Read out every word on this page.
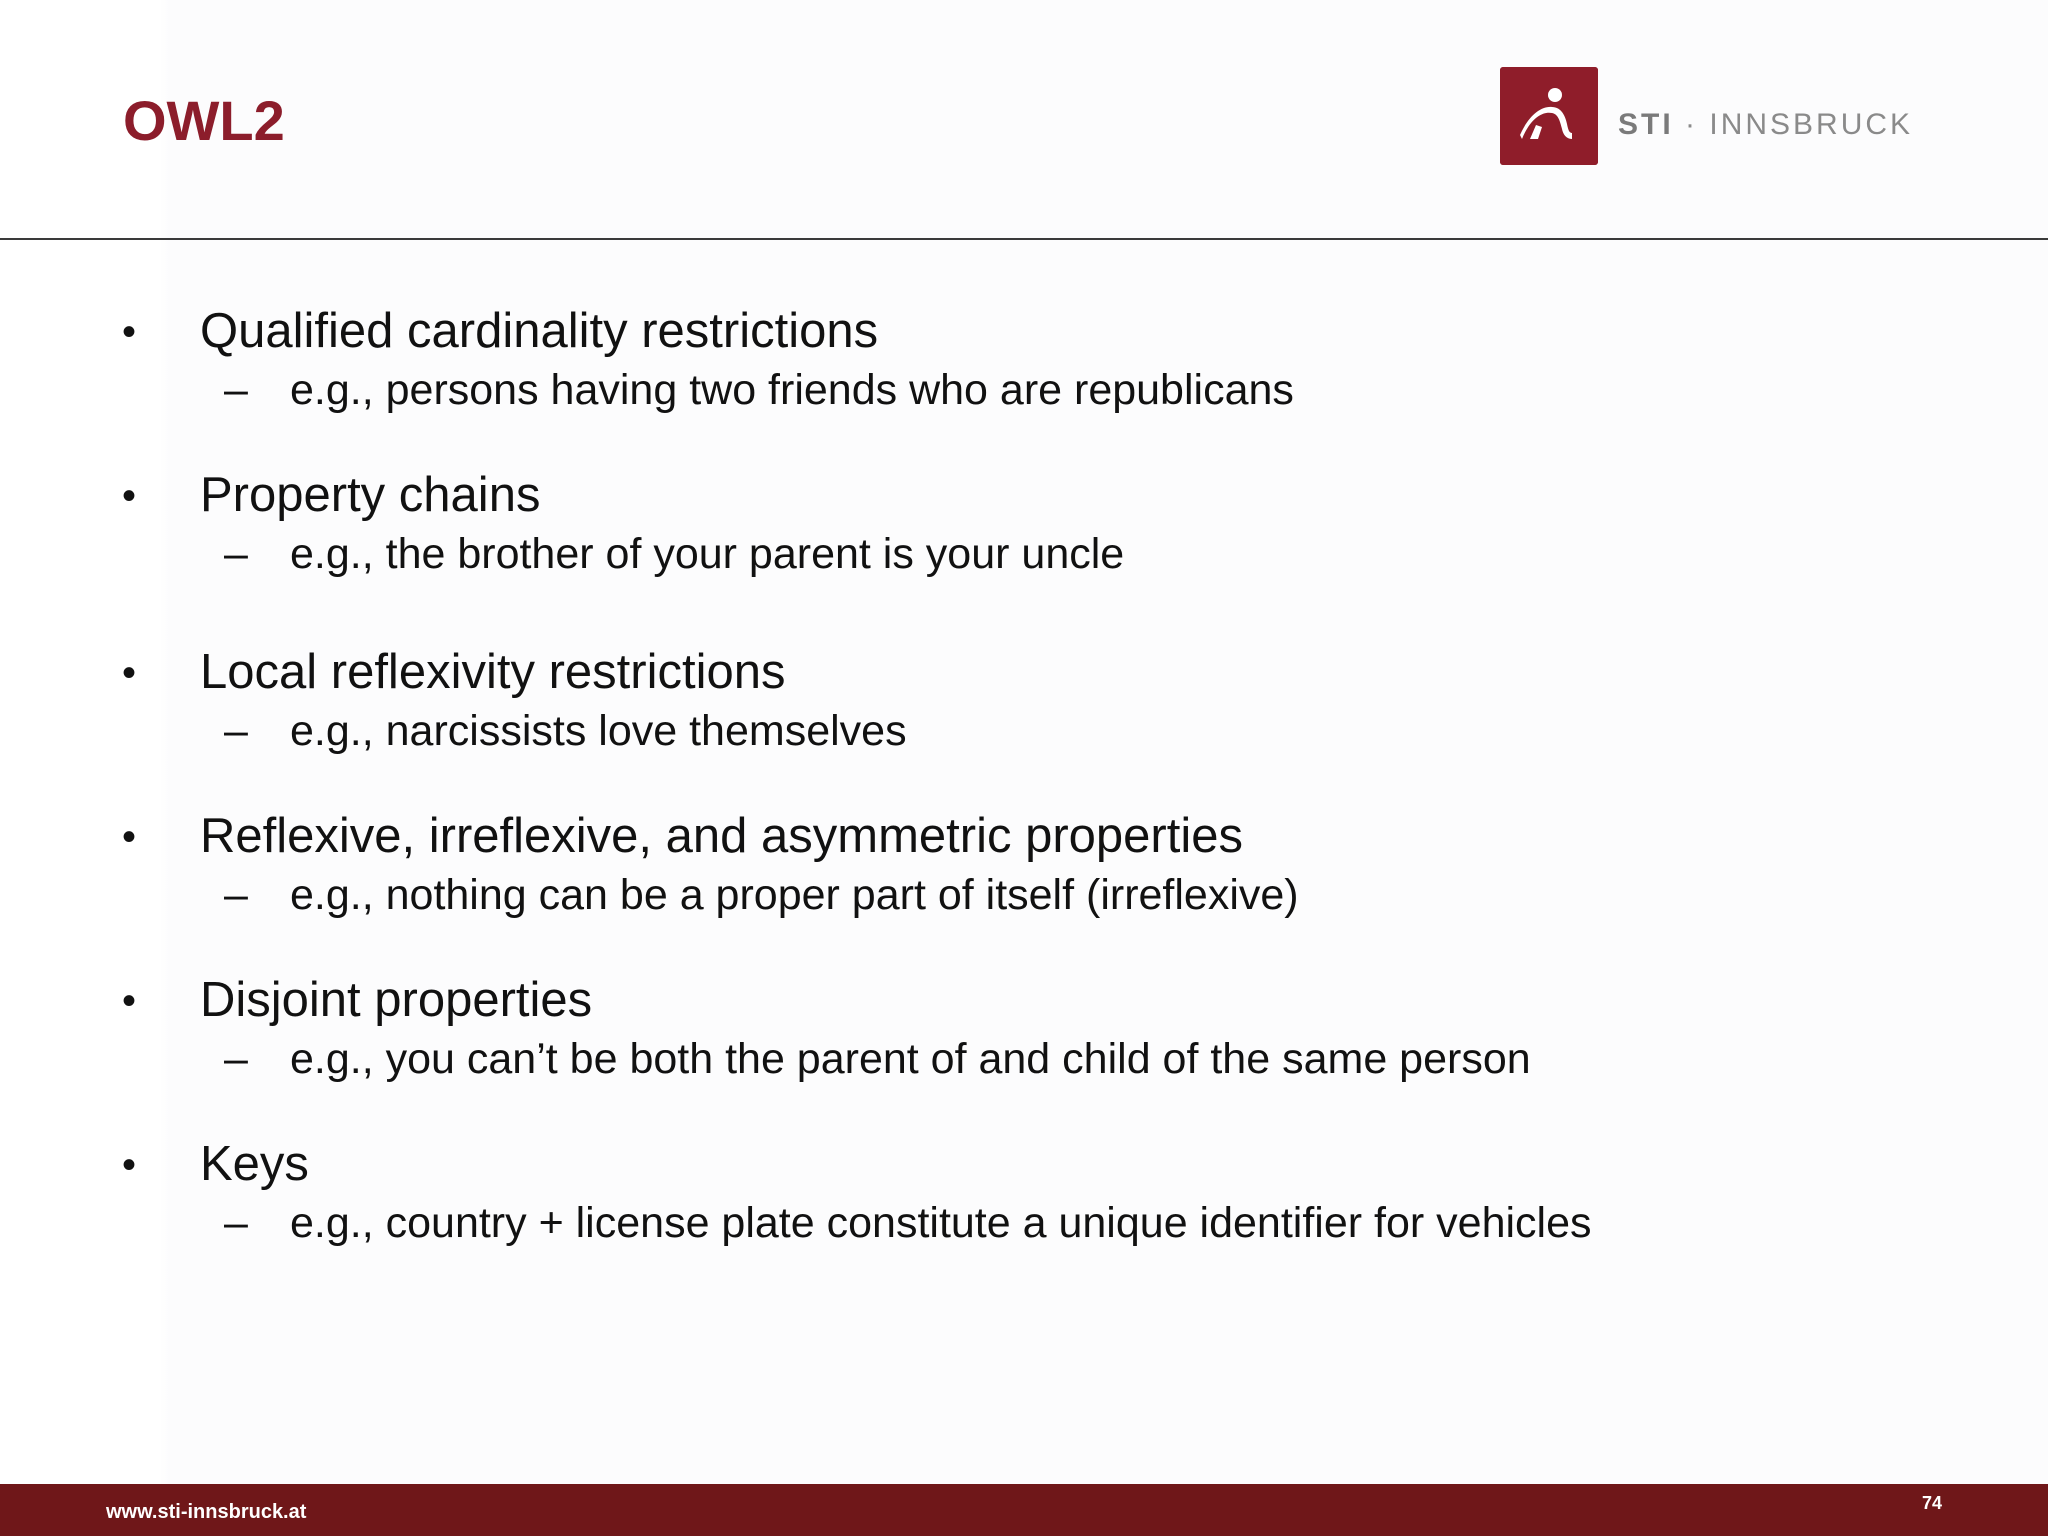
OWL2	STI · INNSBRUCK
• Qualified cardinality restrictions
– e.g., persons having two friends who are republicans
• Property chains
– e.g., the brother of your parent is your uncle
• Local reflexivity restrictions
– e.g., narcissists love themselves
• Reflexive, irreflexive, and asymmetric properties
– e.g., nothing can be a proper part of itself (irreflexive)
• Disjoint properties
– e.g., you can’t be both the parent of and child of the same person
• Keys
– e.g., country + license plate constitute a unique identifier for vehicles
www.sti-innsbruck.at	74
